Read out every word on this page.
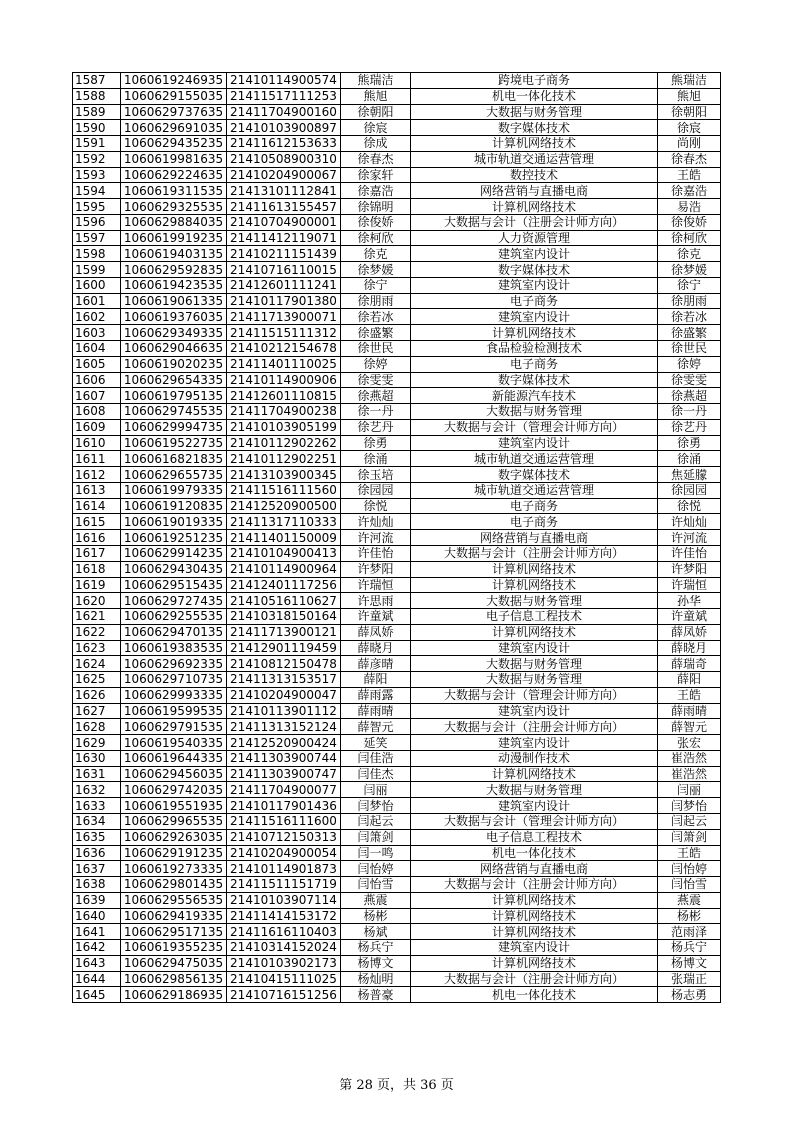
1587	1060619246935	21410114900574	熊瑞洁	跨境电子商务	熊瑞洁
1588	1060629155035	21411517111253	熊旭	机电一体化技术	熊旭
1589	1060629737635	21411704900160	徐朝阳	大数据与财务管理	徐朝阳
1590	1060629691035	21410103900897	徐宸	数字媒体技术	徐宸
1591	1060629435235	21411612153633	徐成	计算机网络技术	尚刚
1592	1060619981635	21410508900310	徐春杰	城市轨道交通运营管理	徐春杰
1593	1060629224635	21410204900067	徐家轩	数控技术	王皓
1594	1060619311535	21413101112841	徐嘉浩	网络营销与直播电商	徐嘉浩
1595	1060629325535	21411613155457	徐锦明	计算机网络技术	易浩
1596	1060629884035	21410704900001	徐俊娇	大数据与会计（注册会计师方向）	徐俊娇
1597	1060619919235	21411412119071	徐柯欣	人力资源管理	徐柯欣
1598	1060619403135	21410211151439	徐克	建筑室内设计	徐克
1599	1060629592835	21410716110015	徐梦媛	数字媒体技术	徐梦媛
1600	1060619423535	21412601111241	徐宁	建筑室内设计	徐宁
1601	1060619061335	21410117901380	徐朋雨	电子商务	徐朋雨
1602	1060619376035	21411713900071	徐若冰	建筑室内设计	徐若冰
1603	1060629349335	21411515111312	徐盛繁	计算机网络技术	徐盛繁
1604	1060629046635	21410212154678	徐世民	食品检验检测技术	徐世民
1605	1060619020235	21411401110025	徐婷	电子商务	徐婷
1606	1060629654335	21410114900906	徐雯雯	数字媒体技术	徐雯雯
1607	1060619795135	21412601110815	徐燕超	新能源汽车技术	徐燕超
1608	1060629745535	21411704900238	徐一丹	大数据与财务管理	徐一丹
1609	1060629994735	21410103905199	徐艺丹	大数据与会计（管理会计师方向）	徐艺丹
1610	1060619522735	21410112902262	徐勇	建筑室内设计	徐勇
1611	1060616821835	21410112902251	徐涌	城市轨道交通运营管理	徐涌
1612	1060629655735	21413103900345	徐玉培	数字媒体技术	焦延朦
1613	1060619979335	21411516111560	徐园园	城市轨道交通运营管理	徐园园
1614	1060619120835	21412520900500	徐悦	电子商务	徐悦
1615	1060619019335	21411317110333	许灿灿	电子商务	许灿灿
1616	1060619251235	21411401150009	许河流	网络营销与直播电商	许河流
1617	1060629914235	21410104900413	许佳怡	大数据与会计（注册会计师方向）	许佳怡
1618	1060629430435	21410114900964	许梦阳	计算机网络技术	许梦阳
1619	1060629515435	21412401117256	许瑞恒	计算机网络技术	许瑞恒
1620	1060629727435	21410516110627	许思雨	大数据与财务管理	孙华
1621	1060629255535	21410318150164	许童斌	电子信息工程技术	许童斌
1622	1060629470135	21411713900121	薛凤娇	计算机网络技术	薛凤娇
1623	1060619383535	21412901119459	薛晓月	建筑室内设计	薛晓月
1624	1060629692335	21410812150478	薛彦晴	大数据与财务管理	薛瑞奇
1625	1060629710735	21411313153517	薛阳	大数据与财务管理	薛阳
1626	1060629993335	21410204900047	薛雨露	大数据与会计（管理会计师方向）	王皓
1627	1060619599535	21410113901112	薛雨晴	建筑室内设计	薛雨晴
1628	1060629791535	21411313152124	薛智元	大数据与会计（注册会计师方向）	薛智元
1629	1060619540335	21412520900424	延笑	建筑室内设计	张宏
1630	1060619644335	21411303900744	闫佳浩	动漫制作技术	崔浩然
1631	1060629456035	21411303900747	闫佳杰	计算机网络技术	崔浩然
1632	1060629742035	21411704900077	闫丽	大数据与财务管理	闫丽
1633	1060619551935	21410117901436	闫梦怡	建筑室内设计	闫梦怡
1634	1060629965535	21411516111600	闫起云	大数据与会计（管理会计师方向）	闫起云
1635	1060629263035	21410712150313	闫箫剑	电子信息工程技术	闫箫剑
1636	1060629191235	21410204900054	闫一鸣	机电一体化技术	王皓
1637	1060619273335	21410114901873	闫怡婷	网络营销与直播电商	闫怡婷
1638	1060629801435	21411511151719	闫怡雪	大数据与会计（注册会计师方向）	闫怡雪
1639	1060629556535	21410103907114	燕震	计算机网络技术	燕震
1640	1060629419335	21411414153172	杨彬	计算机网络技术	杨彬
1641	1060629517135	21411616110403	杨斌	计算机网络技术	范雨泽
1642	1060619355235	21410314152024	杨兵宁	建筑室内设计	杨兵宁
1643	1060629475035	21410103902173	杨博文	计算机网络技术	杨博文
1644	1060629856135	21410415111025	杨灿明	大数据与会计（注册会计师方向）	张瑞正
1645	1060629186935	21410716151256	杨普豪	机电一体化技术	杨志勇
第 28 页，共 36 页
